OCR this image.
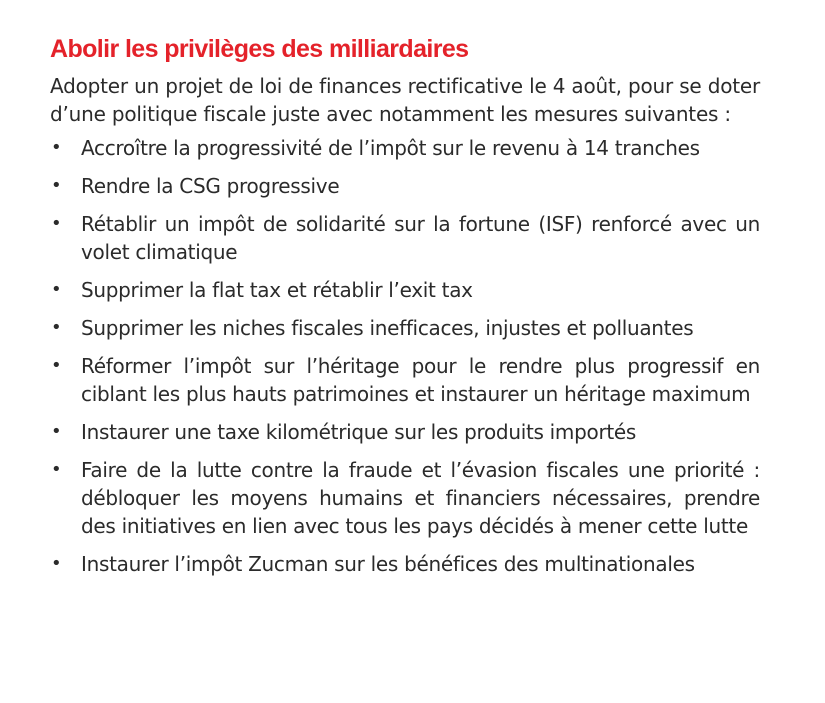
Abolir les privilèges des milliardaires

Adopter un projet de loi de finances rectificative le 4 août, pour se doter d’une politique fiscale juste avec notamment les mesures suivantes :

• Accroître la progressivité de l’impôt sur le revenu à 14 tranches
• Rendre la CSG progressive
• Rétablir un impôt de solidarité sur la fortune (ISF) renforcé avec un volet climatique
• Supprimer la flat tax et rétablir l’exit tax
• Supprimer les niches fiscales inefficaces, injustes et polluantes
• Réformer l’impôt sur l’héritage pour le rendre plus progressif en ciblant les plus hauts patrimoines et instaurer un héritage maximum
• Instaurer une taxe kilométrique sur les produits importés
• Faire de la lutte contre la fraude et l’évasion fiscales une priorité : débloquer les moyens humains et financiers nécessaires, prendre des initiatives en lien avec tous les pays décidés à mener cette lutte
• Instaurer l’impôt Zucman sur les bénéfices des multinationales
